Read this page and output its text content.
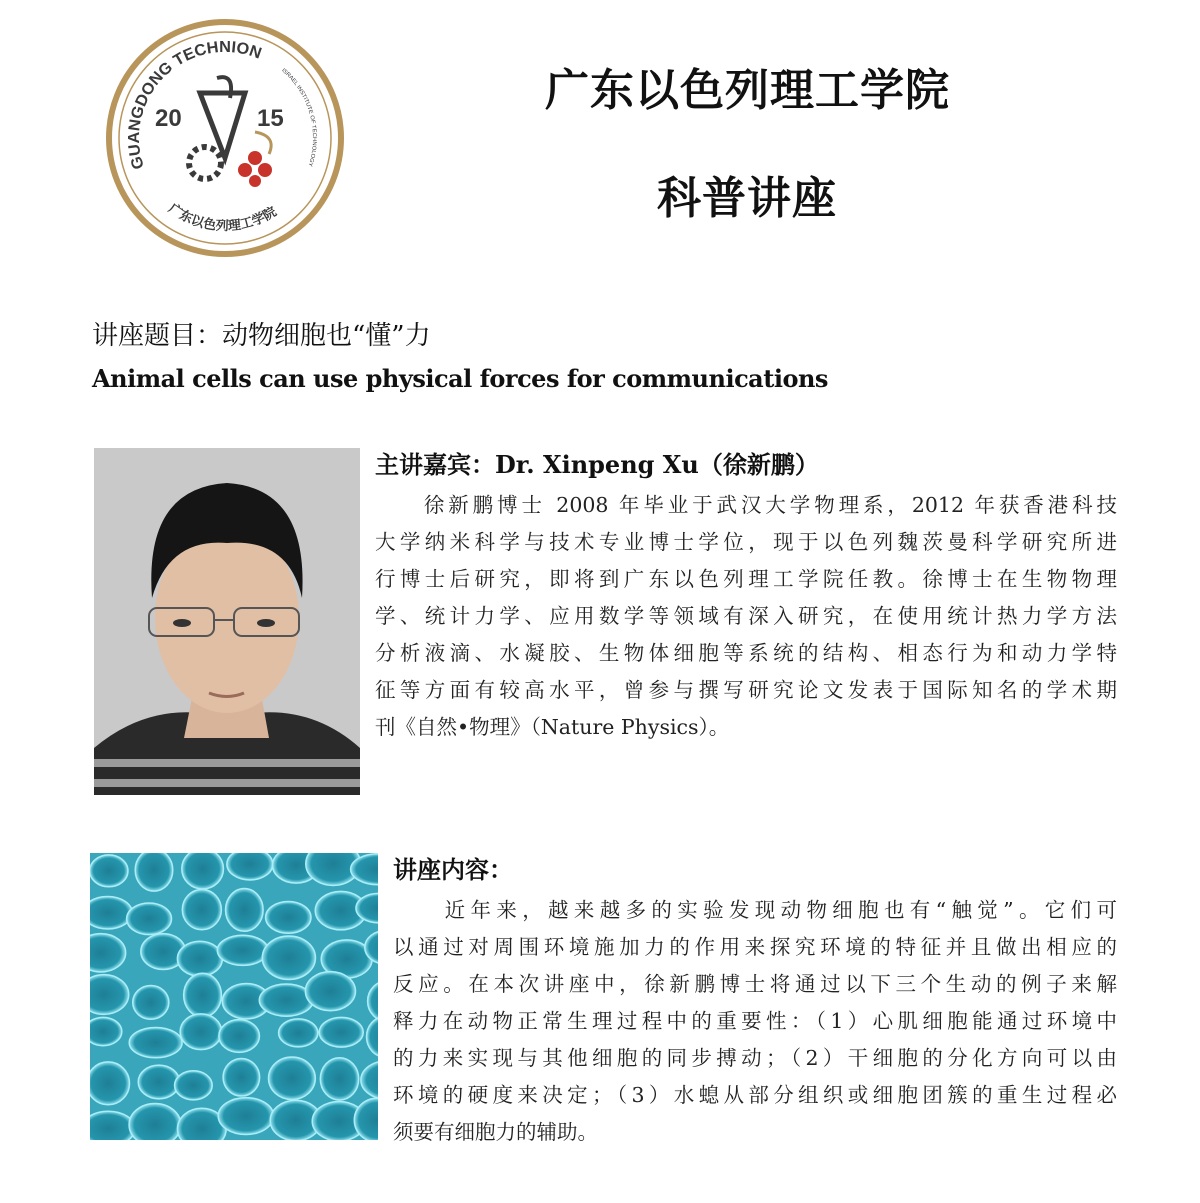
GUANGDONG TECHNION
ISRAEL INSTITUTE OF TECHNOLOGY
广东以色列理工学院
20	15
广东以色列理工学院
科普讲座
讲座题目：动物细胞也“懂”力
Animal cells can use physical forces for communications
主讲嘉宾：Dr. Xinpeng Xu（徐新鹏）
　　徐新鹏博士 2008 年毕业于武汉大学物理系，2012 年获香港科技
大学纳米科学与技术专业博士学位，现于以色列魏茨曼科学研究所进
行博士后研究，即将到广东以色列理工学院任教。徐博士在生物物理
学、统计力学、应用数学等领域有深入研究，在使用统计热力学方法
分析液滴、水凝胶、生物体细胞等系统的结构、相态行为和动力学特
征等方面有较高水平，曾参与撰写研究论文发表于国际知名的学术期
刊《自然•物理》（Nature Physics）。
讲座内容：
　　近年来，越来越多的实验发现动物细胞也有“触觉”。它们可
以通过对周围环境施加力的作用来探究环境的特征并且做出相应的
反应。在本次讲座中，徐新鹏博士将通过以下三个生动的例子来解
释力在动物正常生理过程中的重要性：（1）心肌细胞能通过环境中
的力来实现与其他细胞的同步搏动；（2）干细胞的分化方向可以由
环境的硬度来决定；（3）水螅从部分组织或细胞团簇的重生过程必
须要有细胞力的辅助。
